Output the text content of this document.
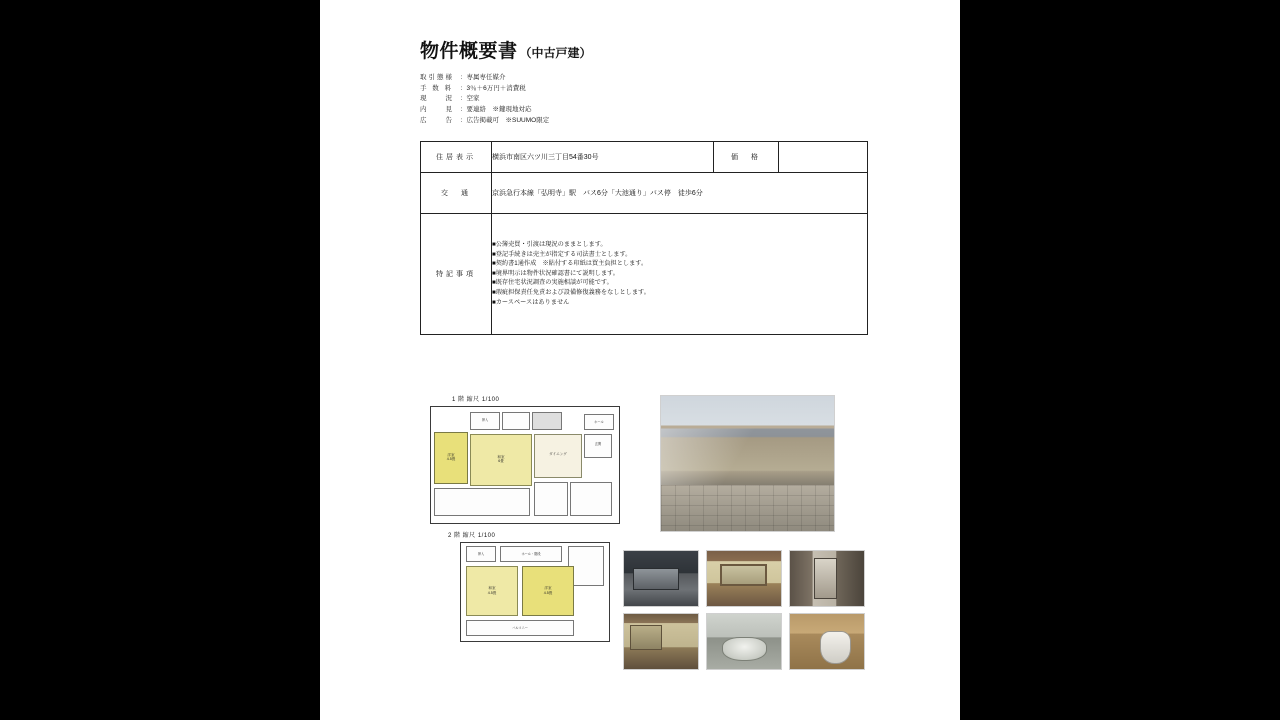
物件概要書 （中古戸建）
取引態様 ：専属専任媒介
手 数 料 ：3％＋6万円＋消費税
現　　況 ：空家
内　　見 ：要連絡　※鍵現地対応
広　　告 ：広告掲載可　※SUUMO限定
住居表示	横浜市南区六ツ川三丁目54番30号	価　格	
交　通	京浜急行本線「弘明寺」駅　バス6分「大池通り」バス停　徒歩6分		
特記事項	
■公簿売買・引渡は現況のままとします。
■登記手続きは売主が指定する司法書士とします。
■契約書1通作成　※貼付する印紙は買主負担とします。
■境界明示は物件状況確認書にて説明します。
■既存住宅状況調査の実施相談が可能です。
■瑕疵担保責任免責および設備修復義務をなしとします。
■カースペースはありません
1 階 縮尺 1/100
洋室
4.5畳
押入
和室
6畳
ダイニング
玄関
ホール
2 階 縮尺 1/100
押入	ホール・階段
和室
4.5畳
洋室
4.5畳
バルコニー
